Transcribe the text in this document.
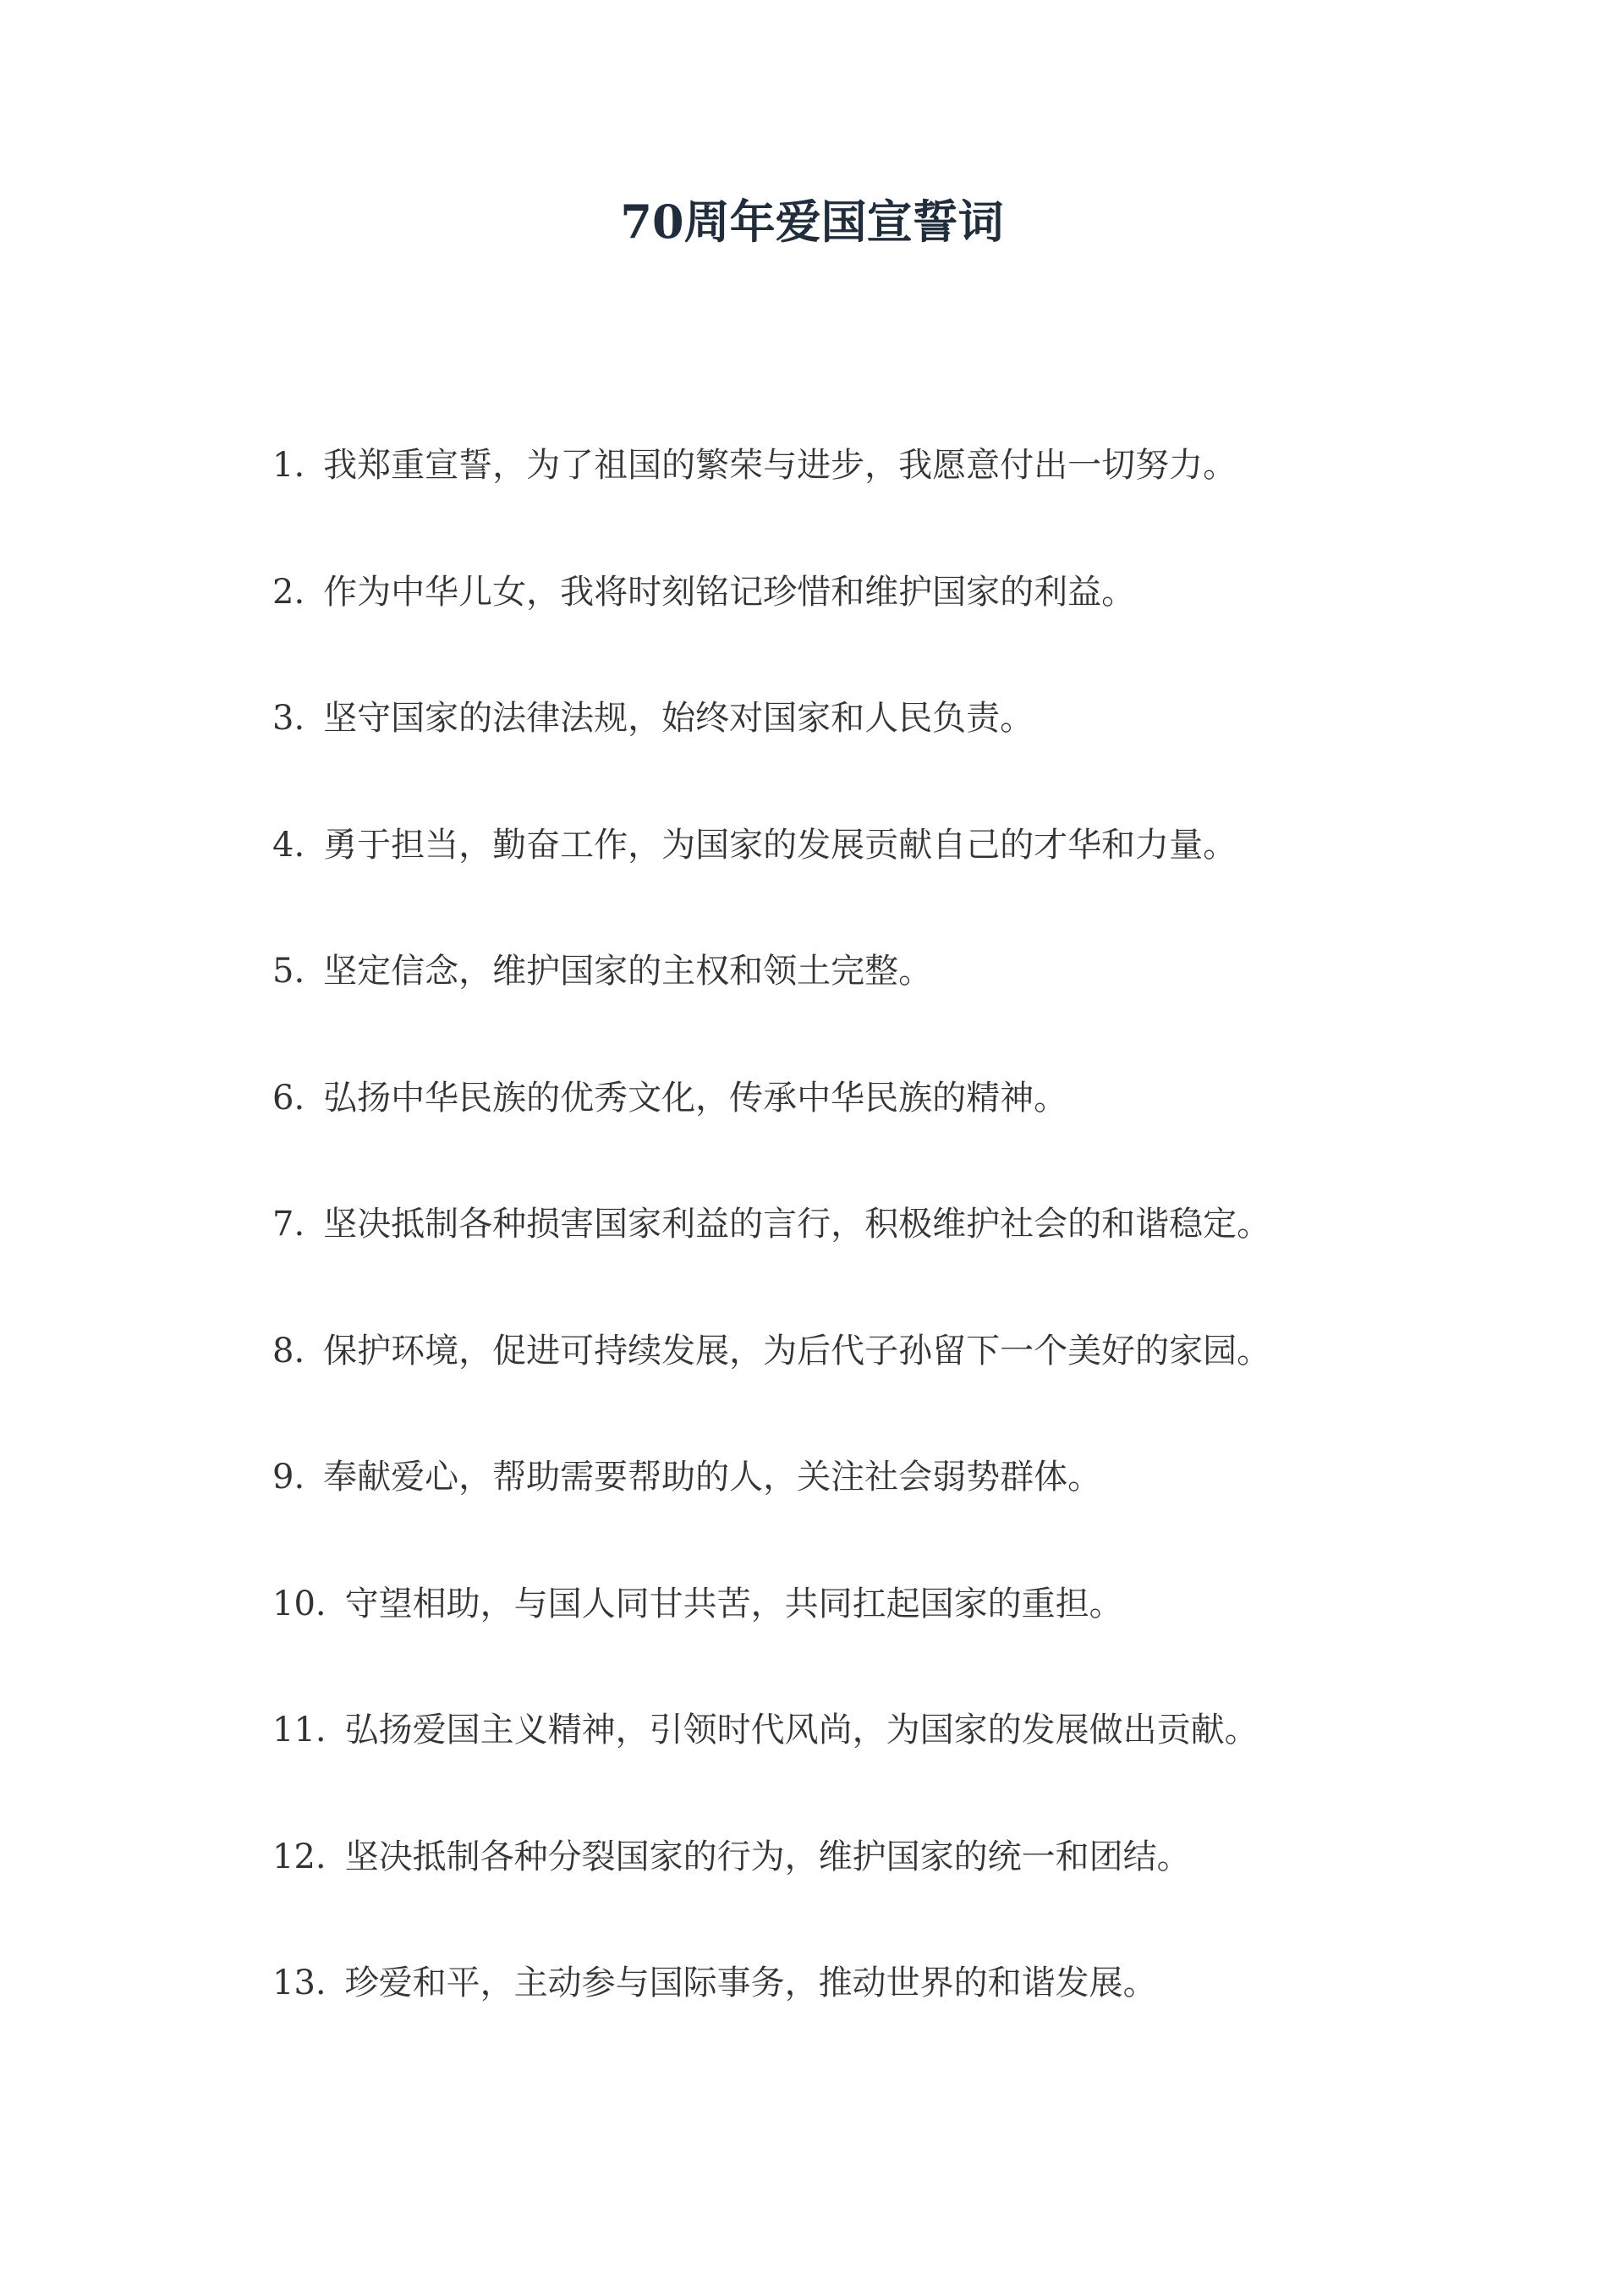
70周年爱国宣誓词
1. 我郑重宣誓，为了祖国的繁荣与进步，我愿意付出一切努力。
2. 作为中华儿女，我将时刻铭记珍惜和维护国家的利益。
3. 坚守国家的法律法规，始终对国家和人民负责。
4. 勇于担当，勤奋工作，为国家的发展贡献自己的才华和力量。
5. 坚定信念，维护国家的主权和领土完整。
6. 弘扬中华民族的优秀文化，传承中华民族的精神。
7. 坚决抵制各种损害国家利益的言行，积极维护社会的和谐稳定。
8. 保护环境，促进可持续发展，为后代子孙留下一个美好的家园。
9. 奉献爱心，帮助需要帮助的人，关注社会弱势群体。
10. 守望相助，与国人同甘共苦，共同扛起国家的重担。
11. 弘扬爱国主义精神，引领时代风尚，为国家的发展做出贡献。
12. 坚决抵制各种分裂国家的行为，维护国家的统一和团结。
13. 珍爱和平，主动参与国际事务，推动世界的和谐发展。
